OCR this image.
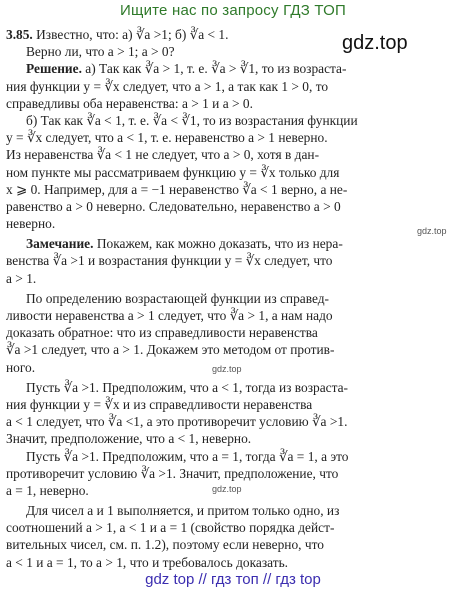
Ищите нас по запросу ГДЗ ТОП
gdz.top
3.85. Известно, что: а) ∛a >1; б) ∛a < 1.
Верно ли, что a > 1; a > 0?
Решение. а) Так как ∛a > 1, т. е. ∛a > ∛1, то из возраста-
ния функции y = ∛x следует, что a > 1, а так как 1 > 0, то
справедливы оба неравенства: a > 1 и a > 0.
б) Так как ∛a < 1, т. е. ∛a < ∛1, то из возрастания функции
y = ∛x следует, что a < 1, т. е. неравенство a > 1 неверно.
Из неравенства ∛a < 1 не следует, что a > 0, хотя в дан-
ном пункте мы рассматриваем функцию y = ∛x только для
x ⩾ 0. Например, для a = −1 неравенство ∛a < 1 верно, а не-
равенство a > 0 неверно. Следовательно, неравенство a > 0
неверно.
Замечание. Покажем, как можно доказать, что из нера-
венства ∛a >1 и возрастания функции y = ∛x следует, что
a > 1.
По определению возрастающей функции из справед-
ливости неравенства a > 1 следует, что ∛a > 1, а нам надо
доказать обратное: что из справедливости неравенства
∛a >1 следует, что a > 1. Докажем это методом от против-
ного.
Пусть ∛a >1. Предположим, что a < 1, тогда из возраста-
ния функции y = ∛x и из справедливости неравенства
a < 1 следует, что ∛a <1, а это противоречит условию ∛a >1.
Значит, предположение, что a < 1, неверно.
Пусть ∛a >1. Предположим, что a = 1, тогда ∛a = 1, а это
противоречит условию ∛a >1. Значит, предположение, что
a = 1, неверно.
Для чисел a и 1 выполняется, и притом только одно, из
соотношений a > 1, a < 1 и a = 1 (свойство порядка дейст-
вительных чисел, см. п. 1.2), поэтому если неверно, что
a < 1 и a = 1, то a > 1, что и требовалось доказать.
gdz.top
gdz.top
gdz.top
gdz top // гдз топ // гдз top
